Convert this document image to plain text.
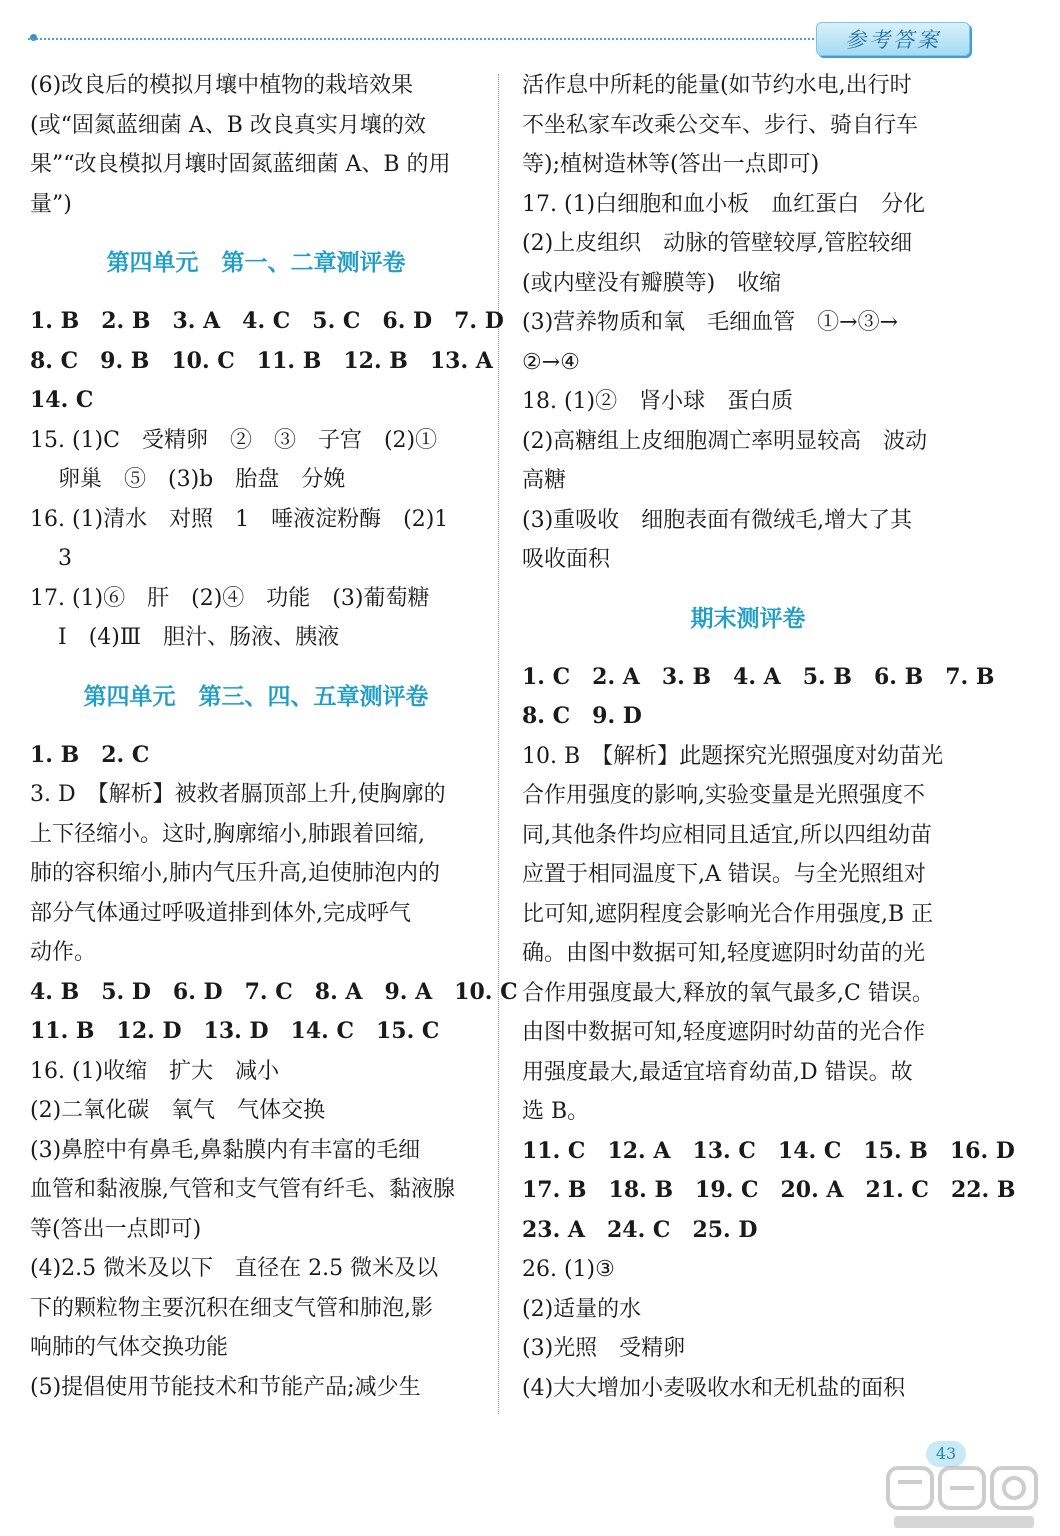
参考答案
(6)改良后的模拟月壤中植物的栽培效果
(或“固氮蓝细菌 A、B 改良真实月壤的效
果”“改良模拟月壤时固氮蓝细菌 A、B 的用
量”)
第四单元　第一、二章测评卷
1. B　2. B　3. A　4. C　5. C　6. D　7. D
8. C　9. B　10. C　11. B　12. B　13. A
14. C
15. (1)C　受精卵　②　③　子宫　(2)①
卵巢　⑤　(3)b　胎盘　分娩
16. (1)清水　对照　1　唾液淀粉酶　(2)1
3
17. (1)⑥　肝　(2)④　功能　(3)葡萄糖
Ⅰ　(4)Ⅲ　胆汁、肠液、胰液
第四单元　第三、四、五章测评卷
1. B　2. C
3. D　【解析】被救者膈顶部上升,使胸廓的
上下径缩小。这时,胸廓缩小,肺跟着回缩,
肺的容积缩小,肺内气压升高,迫使肺泡内的
部分气体通过呼吸道排到体外,完成呼气
动作。
4. B　5. D　6. D　7. C　8. A　9. A　10. C
11. B　12. D　13. D　14. C　15. C
16. (1)收缩　扩大　减小
(2)二氧化碳　氧气　气体交换
(3)鼻腔中有鼻毛,鼻黏膜内有丰富的毛细
血管和黏液腺,气管和支气管有纤毛、黏液腺
等(答出一点即可)
(4)2.5 微米及以下　直径在 2.5 微米及以
下的颗粒物主要沉积在细支气管和肺泡,影
响肺的气体交换功能
(5)提倡使用节能技术和节能产品;减少生
活作息中所耗的能量(如节约水电,出行时
不坐私家车改乘公交车、步行、骑自行车
等);植树造林等(答出一点即可)
17. (1)白细胞和血小板　血红蛋白　分化
(2)上皮组织　动脉的管壁较厚,管腔较细
(或内壁没有瓣膜等)　收缩
(3)营养物质和氧　毛细血管　①→③→
②→④
18. (1)②　肾小球　蛋白质
(2)高糖组上皮细胞凋亡率明显较高　波动
高糖
(3)重吸收　细胞表面有微绒毛,增大了其
吸收面积
期末测评卷
1. C　2. A　3. B　4. A　5. B　6. B　7. B
8. C　9. D
10. B　【解析】此题探究光照强度对幼苗光
合作用强度的影响,实验变量是光照强度不
同,其他条件均应相同且适宜,所以四组幼苗
应置于相同温度下,A 错误。与全光照组对
比可知,遮阴程度会影响光合作用强度,B 正
确。由图中数据可知,轻度遮阴时幼苗的光
合作用强度最大,释放的氧气最多,C 错误。
由图中数据可知,轻度遮阴时幼苗的光合作
用强度最大,最适宜培育幼苗,D 错误。故
选 B。
11. C　12. A　13. C　14. C　15. B　16. D
17. B　18. B　19. C　20. A　21. C　22. B
23. A　24. C　25. D
26. (1)③
(2)适量的水
(3)光照　受精卵
(4)大大增加小麦吸收水和无机盐的面积
43
